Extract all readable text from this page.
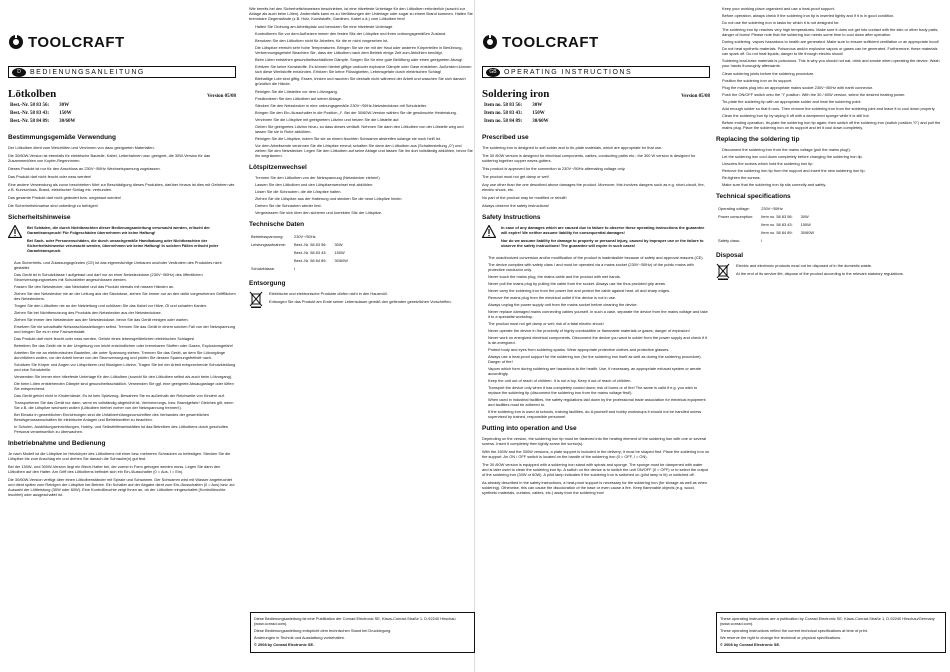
TOOLCRAFT
D	BEDIENUNGSANLEITUNG
Lötkolben	Version 05/08
Best.-Nr. 58 83 56:	30W
Best.-Nr. 58 83 43:	150W
Best.-Nr. 58 84 89:	30/60W
Bestimmungsgemäße Verwendung

Der Lötkolben dient zum Weichlöten und Verzinnen von dazu geeigneten Materialien.

Die 30/60W-Version ist ebenfalls für elektrische Bauteile, Kabel, Leiterbahnen usw. geeignet, die 30W-Version für das Zusammenlöten von Kupfer-Regenrinnen.

Dieses Produkt ist nur für den Anschluss an 230V~/50Hz Wechselspannung zugelassen.

Das Produkt darf nicht feucht oder nass werden!

Eine andere Verwendung als zuvor beschrieben führt zur Beschädigung dieses Produktes, darüber hinaus ist dies mit Gefahren wie z.B. Kurzschluss, Brand, elektrischer Schlag etc. verbunden.

Das gesamte Produkt darf nicht geändert bzw. umgebaut werden!

Die Sicherheitshinweise sind unbedingt zu befolgen!

Sicherheitshinweise

Bei Schäden, die durch Nichtbeachten dieser Bedienungsanleitung verursacht werden, erlischt der Garantieanspruch! Für Folgeschäden übernehmen wir keine Haftung!

Bei Sach- oder Personenschäden, die durch unsachgemäße Handhabung oder Nichtbeachten der Sicherheitshinweise verursacht werden, übernehmen wir keine Haftung! In solchen Fällen erlischt jeder Garantieanspruch.

• Aus Sicherheits- und Zulassungsgründen (CE) ist das eigenmächtige Umbauen und/oder Verändern des Produktes nicht gestattet.
• Das Gerät ist in Schutzklasse I aufgebaut und darf nur an einer Netzsteckdose (230V~/50Hz) des öffentlichen Stromversorgungsnetzes mit Schutzleiter angeschlossen werden.
• Fassen Sie den Netzstecker, das Netzkabel und das Produkt niemals mit nassen Händen an.
• Ziehen Sie den Netzstecker nie an der Leitung aus der Steckdose, ziehen Sie immer nur an den dafür vorgesehenen Griffflächen des Netzsteckers.
• Tragen Sie den Lötkolben nie an der Netzleitung und schützen Sie das Kabel vor Hitze, Öl und scharfen Kanten.
• Ziehen Sie bei Nichtbenutzung des Produkts den Netzstecker aus der Netzsteckdose.
• Ziehen Sie immer den Netzstecker aus der Netzsteckdose, bevor Sie das Gerät reinigen oder warten.
• Ersetzen Sie nie schadhafte Netzanschlussleitungen selbst. Trennen Sie das Gerät in einem solchen Fall von der Netzspannung und bringen Sie es in eine Fachwerkstatt.
• Das Produkt darf nicht feucht oder nass werden, Gefahr eines lebensgefährlichen elektrischen Schlages!
• Betreiben Sie das Gerät nie in der Umgebung von leicht entzündlichen oder brennbaren Stoffen oder Gasen, Explosionsgefahr!
• Arbeiten Sie nie an elektronischen Bauteilen, die unter Spannung stehen. Trennen Sie das Gerät, an dem Sie Lötvorgänge durchführen wollen, vor der Arbeit immer von der Stromversorgung und prüfen Sie dessen Spannungsfreiheit nach.
• Schützen Sie Körper und Augen vor Lötspritzern und flüssigem Lötzinn. Tragen Sie bei der Arbeit entsprechende Schutzkleidung und eine Schutzbrille.
• Verwenden Sie immer eine hitzefeste Unterlage für den Lötkolben (sowohl für den Lötkolben selbst als auch beim Lötvorgang).
• Die beim Löten entstehenden Dämpfe sind gesundheitsschädlich. Verwenden Sie ggf. eine geeignete Absauganlage oder lüften Sie entsprechend.
• Das Gerät gehört nicht in Kinderhände. Es ist kein Spielzeug. Bewahren Sie es außerhalb der Reichweite von Kindern auf.
• Transportieren Sie das Gerät nur dann, wenn es vollständig abgekühlt ist, Verbrennungs- bzw. Brandgefahr! Gleiches gilt, wenn Sie z.B. die Lötspitze wechseln wollen (Lötkolben hierbei vorher von der Netzspannung trennen!).
• Bei Einsatz in gewerblichen Einrichtungen sind die Unfallverhütungsvorschriften des Verbandes der gewerblichen Berufsgenossenschaften für elektrische Anlagen und Betriebsmittel zu beachten.
• In Schulen, Ausbildungseinrichtungen, Hobby- und Selbsthilfewerkstätten ist das Betreiben des Lötkolbens durch geschultes Personal verantwortlich zu überwachen.
Inbetriebnahme und Bedienung

Je nach Modell ist die Lötspitze im Heizkörper des Lötkolbens mit einer bzw. mehreren Schrauben zu befestigen. Stecken Sie die Lötspitze bis zum Anschlag ein und drehen Sie danach die Schraube(n) gut fest.

Bei der 150W- und 300W-Version liegt ein Blech-Halter bei, der zuerst in Form gebogen werden muss. Legen Sie dann den Lötkolben auf den Halter. Am Griff des Lötkolbens befindet sich ein Ein-/Ausschalter (0 = Aus, I = Ein).

Die 30/60W-Version verfügt über einen Lötkolbenständer mit Spirale und Schwamm. Der Schwamm wird mit Wasser angefeuchtet und dient später zum Reinigen der Lötspitze bei Betrieb. Ein Schalter auf der Abgabe dient zum Ein-/Ausschalten (0 = Aus) bzw. zur Auswahl der Löttleistung (30W oder 60W). Eine Kontrollleuchte zeigt Ihnen an, ob der Lötkolben eingeschaltet (Kontrollleuchte leuchtet) oder ausgeschaltet ist.

Wie bereits bei den Sicherheitshinweisen beschrieben, ist eine hitzefeste Unterlage für den Lötkolben erforderlich (sowohl zur Ablage als auch beim Löten). Andernfalls kann es zu Verfärbungen der Unterlage oder sogar zu einem Brand kommen. Halten Sie brennbare Gegenstände (z.B. Holz, Kunststoffe, Gardinen, Kabel o.ä.) vom Lötkolben fern!

• Halten Sie Ordnung am Arbeitsplatz und benutzen Sie eine hitzefeste Unterlage.
• Kontrollieren Sie vor dem Aufheizen immer den festen Sitz der Lötspitze und ihren ordnungsgemäßen Zustand.
• Benutzen Sie den Lötkolben nicht für Arbeiten, für die er nicht vorgesehen ist.
• Die Lötspitze erreicht sehr hohe Temperaturen. Bringen Sie sie nie mit der Haut oder anderen Körperteilen in Berührung, Verbrennungsgefahr! Beachten Sie, dass der Lötkolben nach dem Betrieb einige Zeit zum Abkühlen benötigt.
• Beim Löten entstehen gesundheitsschädliche Dämpfe. Sorgen Sie für eine gute Belüftung oder einen geeigneten Abzug!
• Erhitzen Sie keine Kunststoffe. Es können hierbei giftige und/oder explosive Dämpfe oder Gase entstehen. Außerdem können sich diese Werkstoffe entzünden. Erhitzen Sie keine Flüssigkeiten, Lebensgefahr durch elektrischen Schlag!
• Bleihaltige Lote sind giftig. Essen, trinken und rauchen Sie deshalb nicht während der Arbeit und waschen Sie sich danach gründlich die Hände.
• Reinigen Sie die Lötstellen vor dem Lötvorgang.
• Positionieren Sie den Lötkolben auf seiner Ablage.
• Stecken Sie den Netzstecker in eine ordnungsgemäße 230V~/50Hz-Netzsteckdose mit Schutzleiter.
• Bringen Sie den Ein-/Ausschalter in die Position „I“. Bei der 30/60W-Version wählen Sie die gewünschte Heizleistung.
• Verzinnen Sie die Lötspitze mit geeignetem Lötzinn und heizen Sie die Lötstelle auf.
• Geben Sie geeignetes Lötzinn hinzu, so dass dieses verläuft. Nehmen Sie dann den Lötkolben von der Lötstelle weg und lassen Sie sie in Ruhe abkühlen.
• Reinigen Sie die Lötspitze, indem Sie sie an einem feuchten Schwamm abstreifen solange sie noch heiß ist.
• Vor dem Arbeitsende verzinnen Sie die Lötspitze erneut; schalten Sie dann den Lötkolben aus (Schalterstellung „0“) und ziehen Sie den Netzstecker. Legen Sie den Lötkolben auf seine Ablage und lassen Sie ihn dort vollständig abkühlen, bevor Sie ihn wegräumen.
Lötspitzenwechsel
• Trennen Sie den Lötkolben von der Netzspannung (Netzstecker ziehen!)
• Lassen Sie den Lötkolben und den Lötspitzenwechsel erst abkühlen.
• Lösen Sie die Schrauben, die die Lötspitze halten.
• Ziehen Sie die Lötspitze aus der Halterung und stecken Sie die neue Lötspitze hinein.
• Drehen Sie die Schrauben wieder fest.
• Vergewissern Sie sich über den sicheren und korrekten Sitz der Lötspitze.
Technische Daten
Betriebsspannung:	230V~/50Hz	
Leistungsaufnahme:	Best.-Nr. 58 83 56:	30W
	Best.-Nr. 58 83 43:	150W
	Best.-Nr. 58 84 89:	30/60W
Schutzklasse:	I	
Entsorgung

Elektrische und elektronische Produkte dürfen nicht in den Hausmüll.

Entsorgen Sie das Produkt am Ende seiner Lebensdauer gemäß den geltenden gesetzlichen Vorschriften.

Diese Bedienungsanleitung ist eine Publikation der Conrad Electronic SE, Klaus-Conrad-Straße 1, D-92240 Hirschau (www.conrad.com).

Diese Bedienungsanleitung entspricht dem technischen Stand bei Drucklegung.

Änderungen in Technik und Ausstattung vorbehalten.

© 2008 by Conrad Electronic SE.

TOOLCRAFT
GB	OPERATING INSTRUCTIONS
Soldering iron	Version 05/08
Item no. 58 83 56:	30W
Item no. 58 83 43:	150W
Item no. 58 84 89:	30/60W
Prescribed use

The soldering iron is designed to soft solder and to tin-plate materials, which are appropriate for that use.

The 30 /60W version is designed for electrical components, cables, conducting paths etc.; the 300 W version is designed for soldering together copper eaves gutters.

This product is approved for the connection to 230V~/50Hz alternating voltage only.

The product must not get damp or wet!

Any use other than the one described above damages the product. Moreover, this involves dangers such as e.g. short-circuit, fire, electric shock, etc.

No part of the product may be modified or rebuilt!

Always observe the safety instructions!

Safety Instructions

In case of any damages which are caused due to failure to observe these operating instructions the guarantee will expire! We neither assume liability for consequential damages!

Nor do we assume liability for damage to property or personal injury, caused by improper use or the failure to observe the safety instructions! The guarantee will expire in such cases!

• The unauthorized conversion and/or modification of the product is inadmissible because of safety and approval reasons (CE).
• The device complies with safety class I and must be operated via a mains socket (230V~/50Hz) of the public mains with protective conductor only.
• Never touch the mains plug, the mains cable and the product with wet hands.
• Never pull the mains plug by pulling the cable from the socket. Always use the thus provided grip areas.
• Never carry the soldering iron from the power line and protect the cable against heat, oil and sharp edges.
• Remove the mains plug from the electrical outlet if the device is not in use.
• Always unplug the power supply unit from the mains socket before cleaning the device.
• Never replace damaged mains connecting cables yourself. In such a case, separate the device from the mains voltage and take it to a specialist workshop.
• The product must not get damp or wet; risk of a fatal electric shock!
• Never operate the device in the proximity of highly combustible or flammable materials or gases; danger of explosion!
• Never work on energized electrical components. Disconnect the device you want to solder from the power supply and check if it is de-energized.
• Protect body and eyes from soldering sparks. Wear appropriate protective clothes and protective glasses.
• Always use a heat-proof support for the soldering iron (for the soldering iron itself as well as during the soldering procedure). Danger of fire!
• Vapors which form during soldering are hazardous to the health. Use, if necessary, an appropriate exhaust system or aerate accordingly.
• Keep the unit out of reach of children. It is not a toy. Keep it out of reach of children.
• Transport the device only when it has completely cooled down; risk of burns or of fire! The same is valid if e.g. you wish to replace the soldering tip (disconnect the soldering iron from the mains voltage first!).
• When used in industrial facilities, the safety regulations laid down by the professional trade association for electrical equipment and facilities must be adhered to.
• If the soldering iron is used at schools, training facilities, do-it-yourself and hobby workshops it should not be handled unless supervised by trained, responsible personnel.
Putting into operation and Use

Depending on the version, the soldering iron tip must be fastened into the heating element of the soldering iron with one or several screws. Insert it completely then tightly screw the screw(s).

With the 150W and the 300W versions, a plate support is included in the delivery; it must be shaped first. Place the soldering iron on the support. An ON / OFF switch is located on the handle of the soldering iron (0 = OFF, I = ON).

The 30 /60W version is equipped with a soldering iron stand with spirals and sponge. The sponge must be dampened with water and is later used to clean the soldering iron tip. A switch on the device is to switch the unit ON/OFF (0 = OFF) or to select the output of the soldering iron (30W or 60W). A pilot lamp indicates if the soldering iron is switched on (pilot lamp is lit) or switched off.

As already described in the safety instructions, a heat-proof support is necessary for the soldering iron (for storage as well as when soldering). Otherwise, this can cause the discoloration of the base or even cause a fire. Keep flammable objects (e.g. wood, synthetic materials, curtains, cables, etc.) away from the soldering iron!

• Keep your working place organized and use a heat-proof support.
• Before operation, always check if the soldering iron tip is inserted tightly and if it is in good condition.
• Do not use the soldering iron in tasks for which it is not designed for.
• The soldering iron tip reaches very high temperatures. Make sure it does not get into contact with the skin or other body parts; danger of burns! Please note that the soldering iron needs some time to cool down after operation.
• During soldering, vapors hazardous to health are generated. Make sure to ensure sufficient ventilation or an appropriate hood!
• Do not heat synthetic materials. Poisonous and/or explosive vapors or gases can be generated. Furthermore, these materials can spark off. Do not heat liquids; danger to life through electric shock!
• Soldering lead-base materials is poisonous. This is why you should not eat, drink and smoke when operating the device. Wash your hands thoroughly afterwards.
• Clean soldering joints before the soldering procedure.
• Position the soldering iron on its support.
• Plug the mains plug into an appropriate mains socket 230V~/50Hz with earth connector.
• Push the ON/OFF switch onto the "I" position. With the 30 / 60W version, select the desired heating power.
• Tin-plate the soldering tip with an appropriate solder and heat the soldering point.
• Add enough solder so that it runs. Then remove the soldering iron from the soldering joint and leave it to cool down properly.
• Clean the soldering iron tip by wiping it off with a dampened sponge while it is still hot.
• Before ending operation, tin-plate the soldering iron tip again; then switch off the soldering iron (switch position "0") and pull the mains plug. Place the soldering iron on its support and let it cool down completely.
Replacing the soldering tip
• Disconnect the soldering iron from the mains voltage (pull the mains plug!).
• Let the soldering iron cool down completely before changing the soldering iron tip.
• Unscrew the screws which hold the soldering iron tip.
• Remove the soldering iron tip from the support and insert the new soldering iron tip.
• Re-tighten the screws.
• Make sure that the soldering iron tip sits correctly and safely.
Technical specifications
Operating voltage:	230V~/50Hz	
Power consumption:	Item no. 58 83 56:	30W
	Item no. 58 83 43:	150W
	Item no. 58 84 89:	30/60W
Safety class:	I	
Disposal

Electric and electronic products must not be disposed of in the domestic waste.

At the end of its service life, dispose of the product according to the relevant statutory regulations.

These operating instructions are a publication by Conrad Electronic SE, Klaus-Conrad-Straße 1, D-92240 Hirschau/Germany (www.conrad.com).

These operating instructions reflect the current technical specifications at time of print.

We reserve the right to change the technical or physical specifications.

© 2008 by Conrad Electronic SE.
